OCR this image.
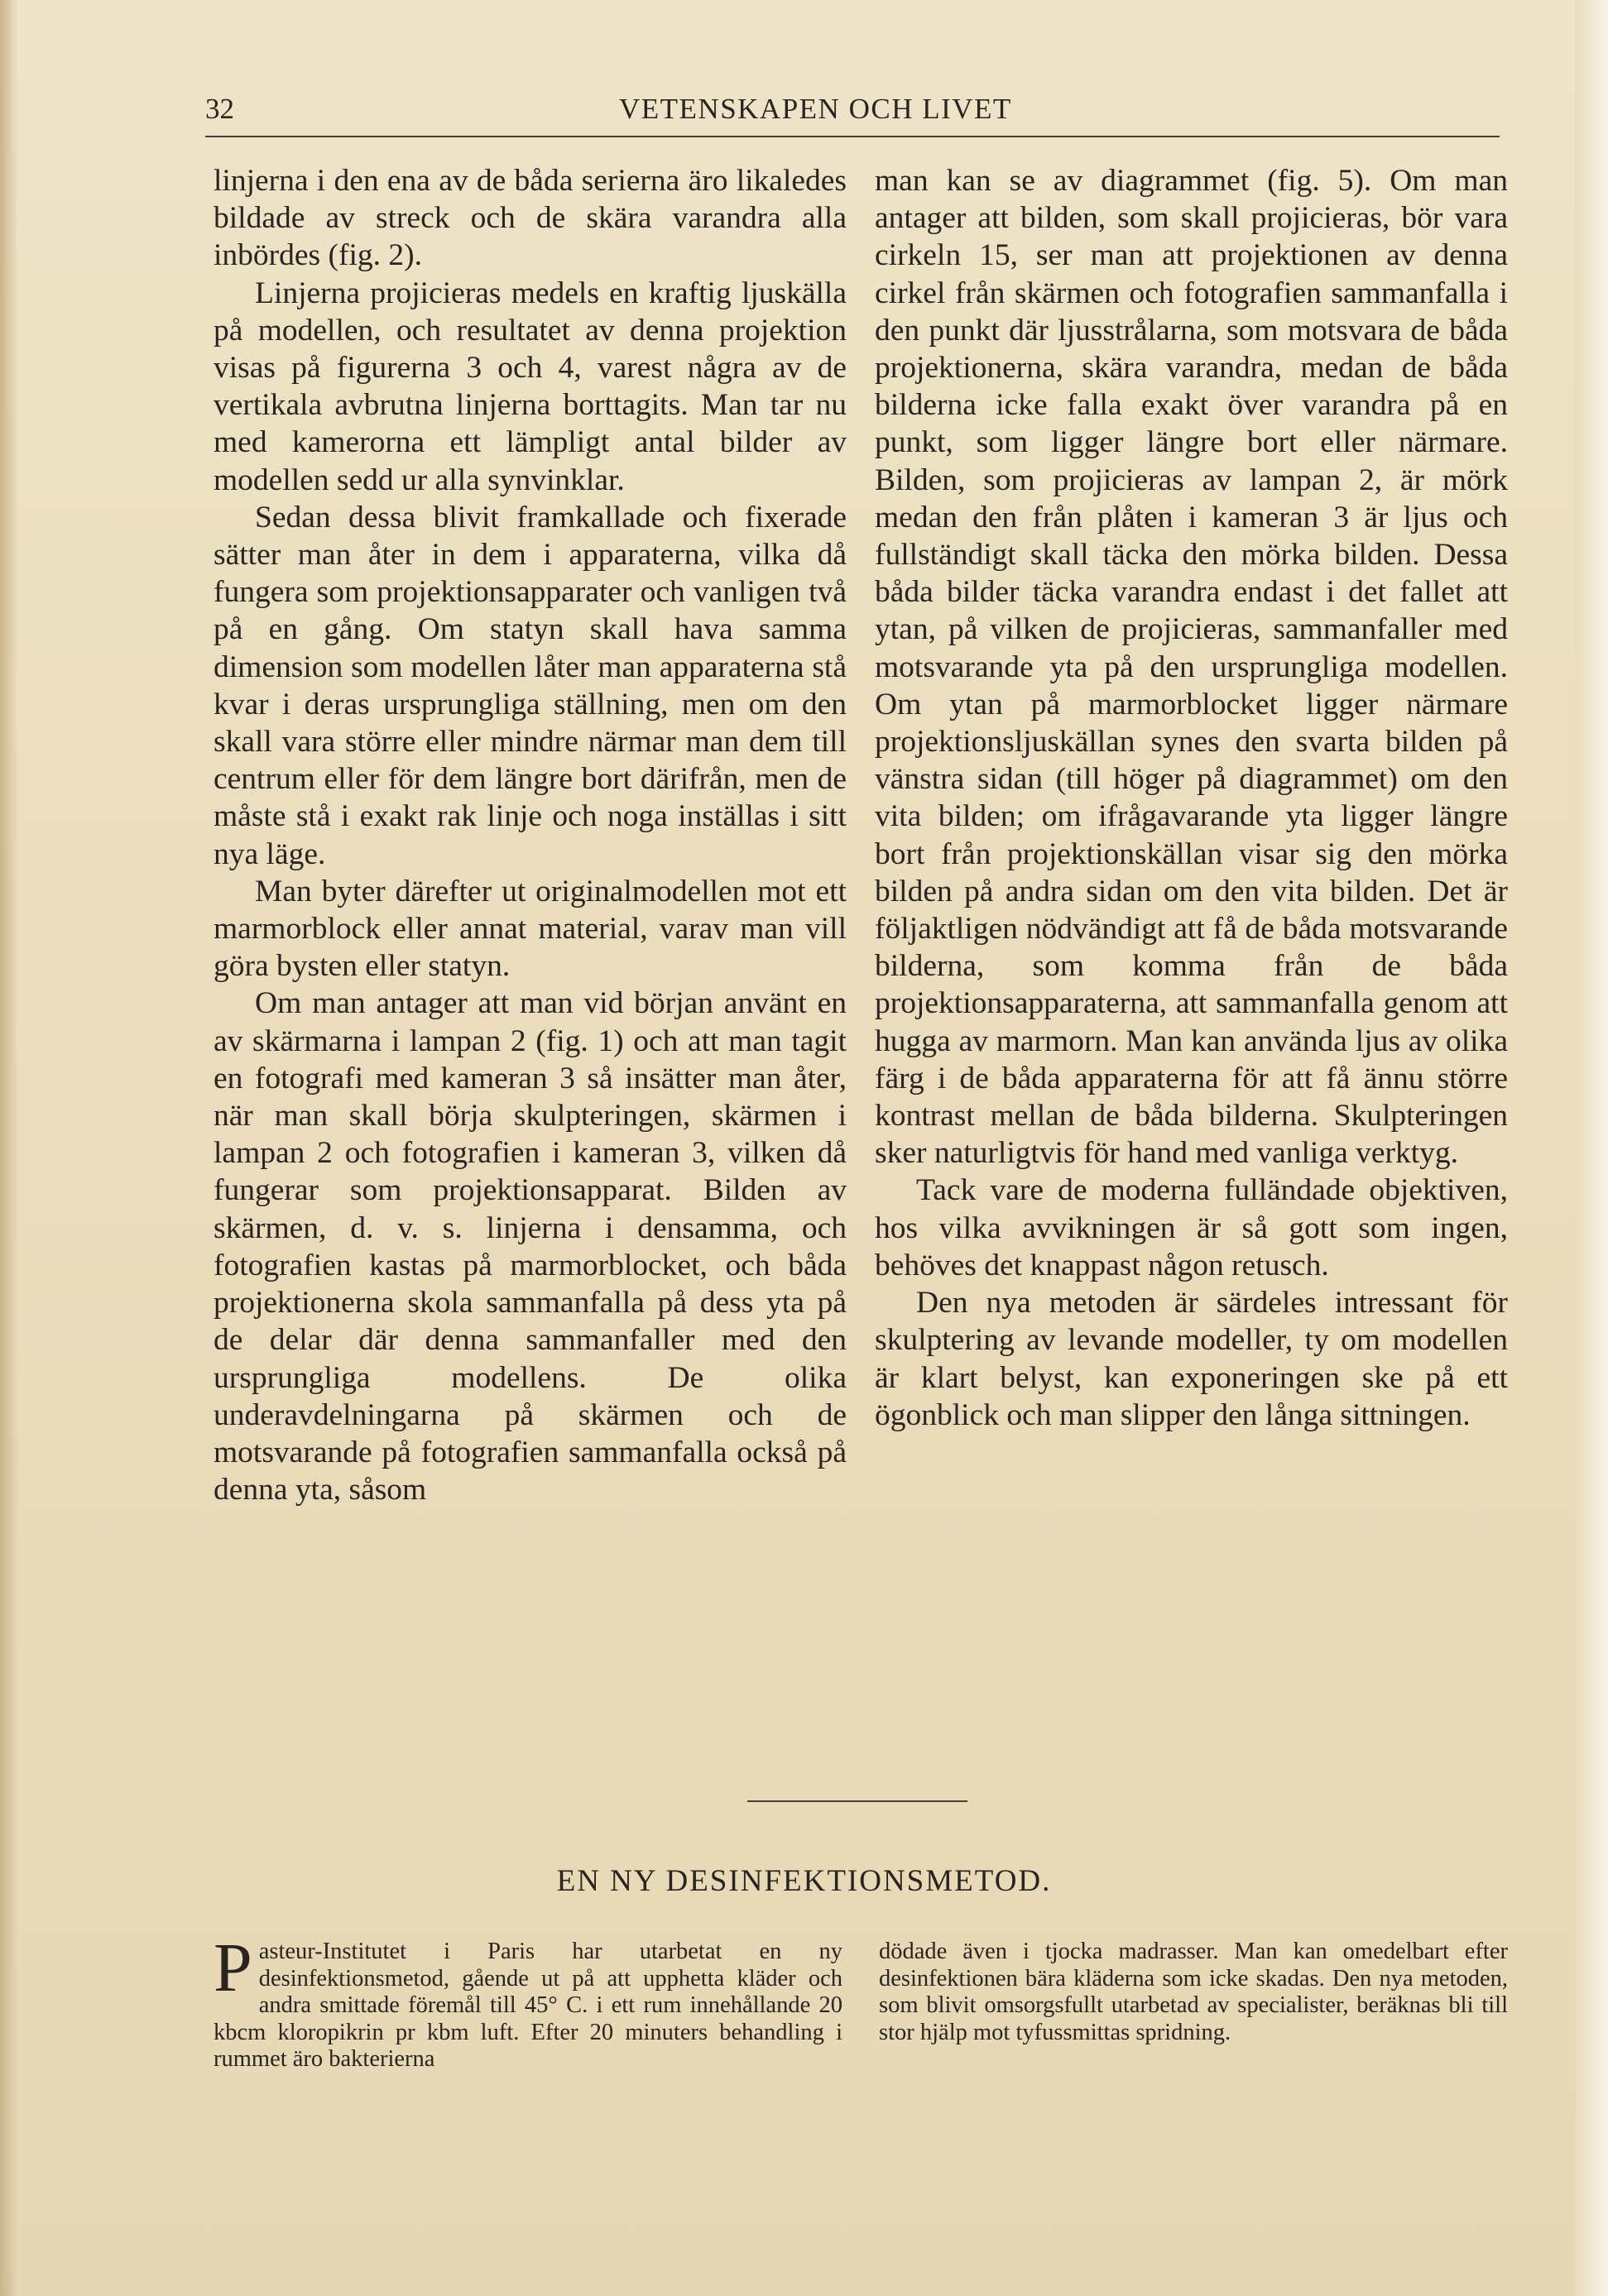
32	VETENSKAPEN OCH LIVET

linjerna i den ena av de båda serierna äro likaledes bildade av streck och de skära varandra alla inbördes (fig. 2).

Linjerna projicieras medels en kraftig ljuskälla på modellen, och resultatet av denna projektion visas på figurerna 3 och 4, varest några av de vertikala avbrutna linjerna borttagits. Man tar nu med kamerorna ett lämpligt antal bilder av modellen sedd ur alla synvinklar.

Sedan dessa blivit framkallade och fixerade sätter man åter in dem i apparaterna, vilka då fungera som projektionsapparater och vanligen två på en gång. Om statyn skall hava samma dimension som modellen låter man apparaterna stå kvar i deras ursprungliga ställning, men om den skall vara större eller mindre närmar man dem till centrum eller för dem längre bort därifrån, men de måste stå i exakt rak linje och noga inställas i sitt nya läge.

Man byter därefter ut originalmodellen mot ett marmorblock eller annat material, varav man vill göra bysten eller statyn.

Om man antager att man vid början använt en av skärmarna i lampan 2 (fig. 1) och att man tagit en fotografi med kameran 3 så insätter man åter, när man skall börja skulpteringen, skärmen i lampan 2 och fotografien i kameran 3, vilken då fungerar som projektionsapparat. Bilden av skärmen, d. v. s. linjerna i densamma, och fotografien kastas på marmorblocket, och båda projektionerna skola sammanfalla på dess yta på de delar där denna sammanfaller med den ursprungliga modellens. De olika underavdelningarna på skärmen och de motsvarande på fotografien sammanfalla också på denna yta, såsom

man kan se av diagrammet (fig. 5). Om man antager att bilden, som skall projicieras, bör vara cirkeln 15, ser man att projektionen av denna cirkel från skärmen och fotografien sammanfalla i den punkt där ljusstrålarna, som motsvara de båda projektionerna, skära varandra, medan de båda bilderna icke falla exakt över varandra på en punkt, som ligger längre bort eller närmare. Bilden, som projicieras av lampan 2, är mörk medan den från plåten i kameran 3 är ljus och fullständigt skall täcka den mörka bilden. Dessa båda bilder täcka varandra endast i det fallet att ytan, på vilken de projicieras, sammanfaller med motsvarande yta på den ursprungliga modellen. Om ytan på marmorblocket ligger närmare projektionsljuskällan synes den svarta bilden på vänstra sidan (till höger på diagrammet) om den vita bilden; om ifrågavarande yta ligger längre bort från projektionskällan visar sig den mörka bilden på andra sidan om den vita bilden. Det är följaktligen nödvändigt att få de båda motsvarande bilderna, som komma från de båda projektionsapparaterna, att sammanfalla genom att hugga av marmorn. Man kan använda ljus av olika färg i de båda apparaterna för att få ännu större kontrast mellan de båda bilderna. Skulpteringen sker naturligtvis för hand med vanliga verktyg.

Tack vare de moderna fulländade objektiven, hos vilka avvikningen är så gott som ingen, behöves det knappast någon retusch.

Den nya metoden är särdeles intressant för skulptering av levande modeller, ty om modellen är klart belyst, kan exponeringen ske på ett ögonblick och man slipper den långa sittningen.

EN NY DESINFEKTIONSMETOD.

Pasteur-Institutet i Paris har utarbetat en ny desinfektionsmetod, gående ut på att upphetta kläder och andra smittade föremål till 45° C. i ett rum innehållande 20 kbcm kloropikrin pr kbm luft. Efter 20 minuters behandling i rummet äro bakterierna

dödade även i tjocka madrasser. Man kan omedelbart efter desinfektionen bära kläderna som icke skadas. Den nya metoden, som blivit omsorgsfullt utarbetad av specialister, beräknas bli till stor hjälp mot tyfussmittas spridning.
